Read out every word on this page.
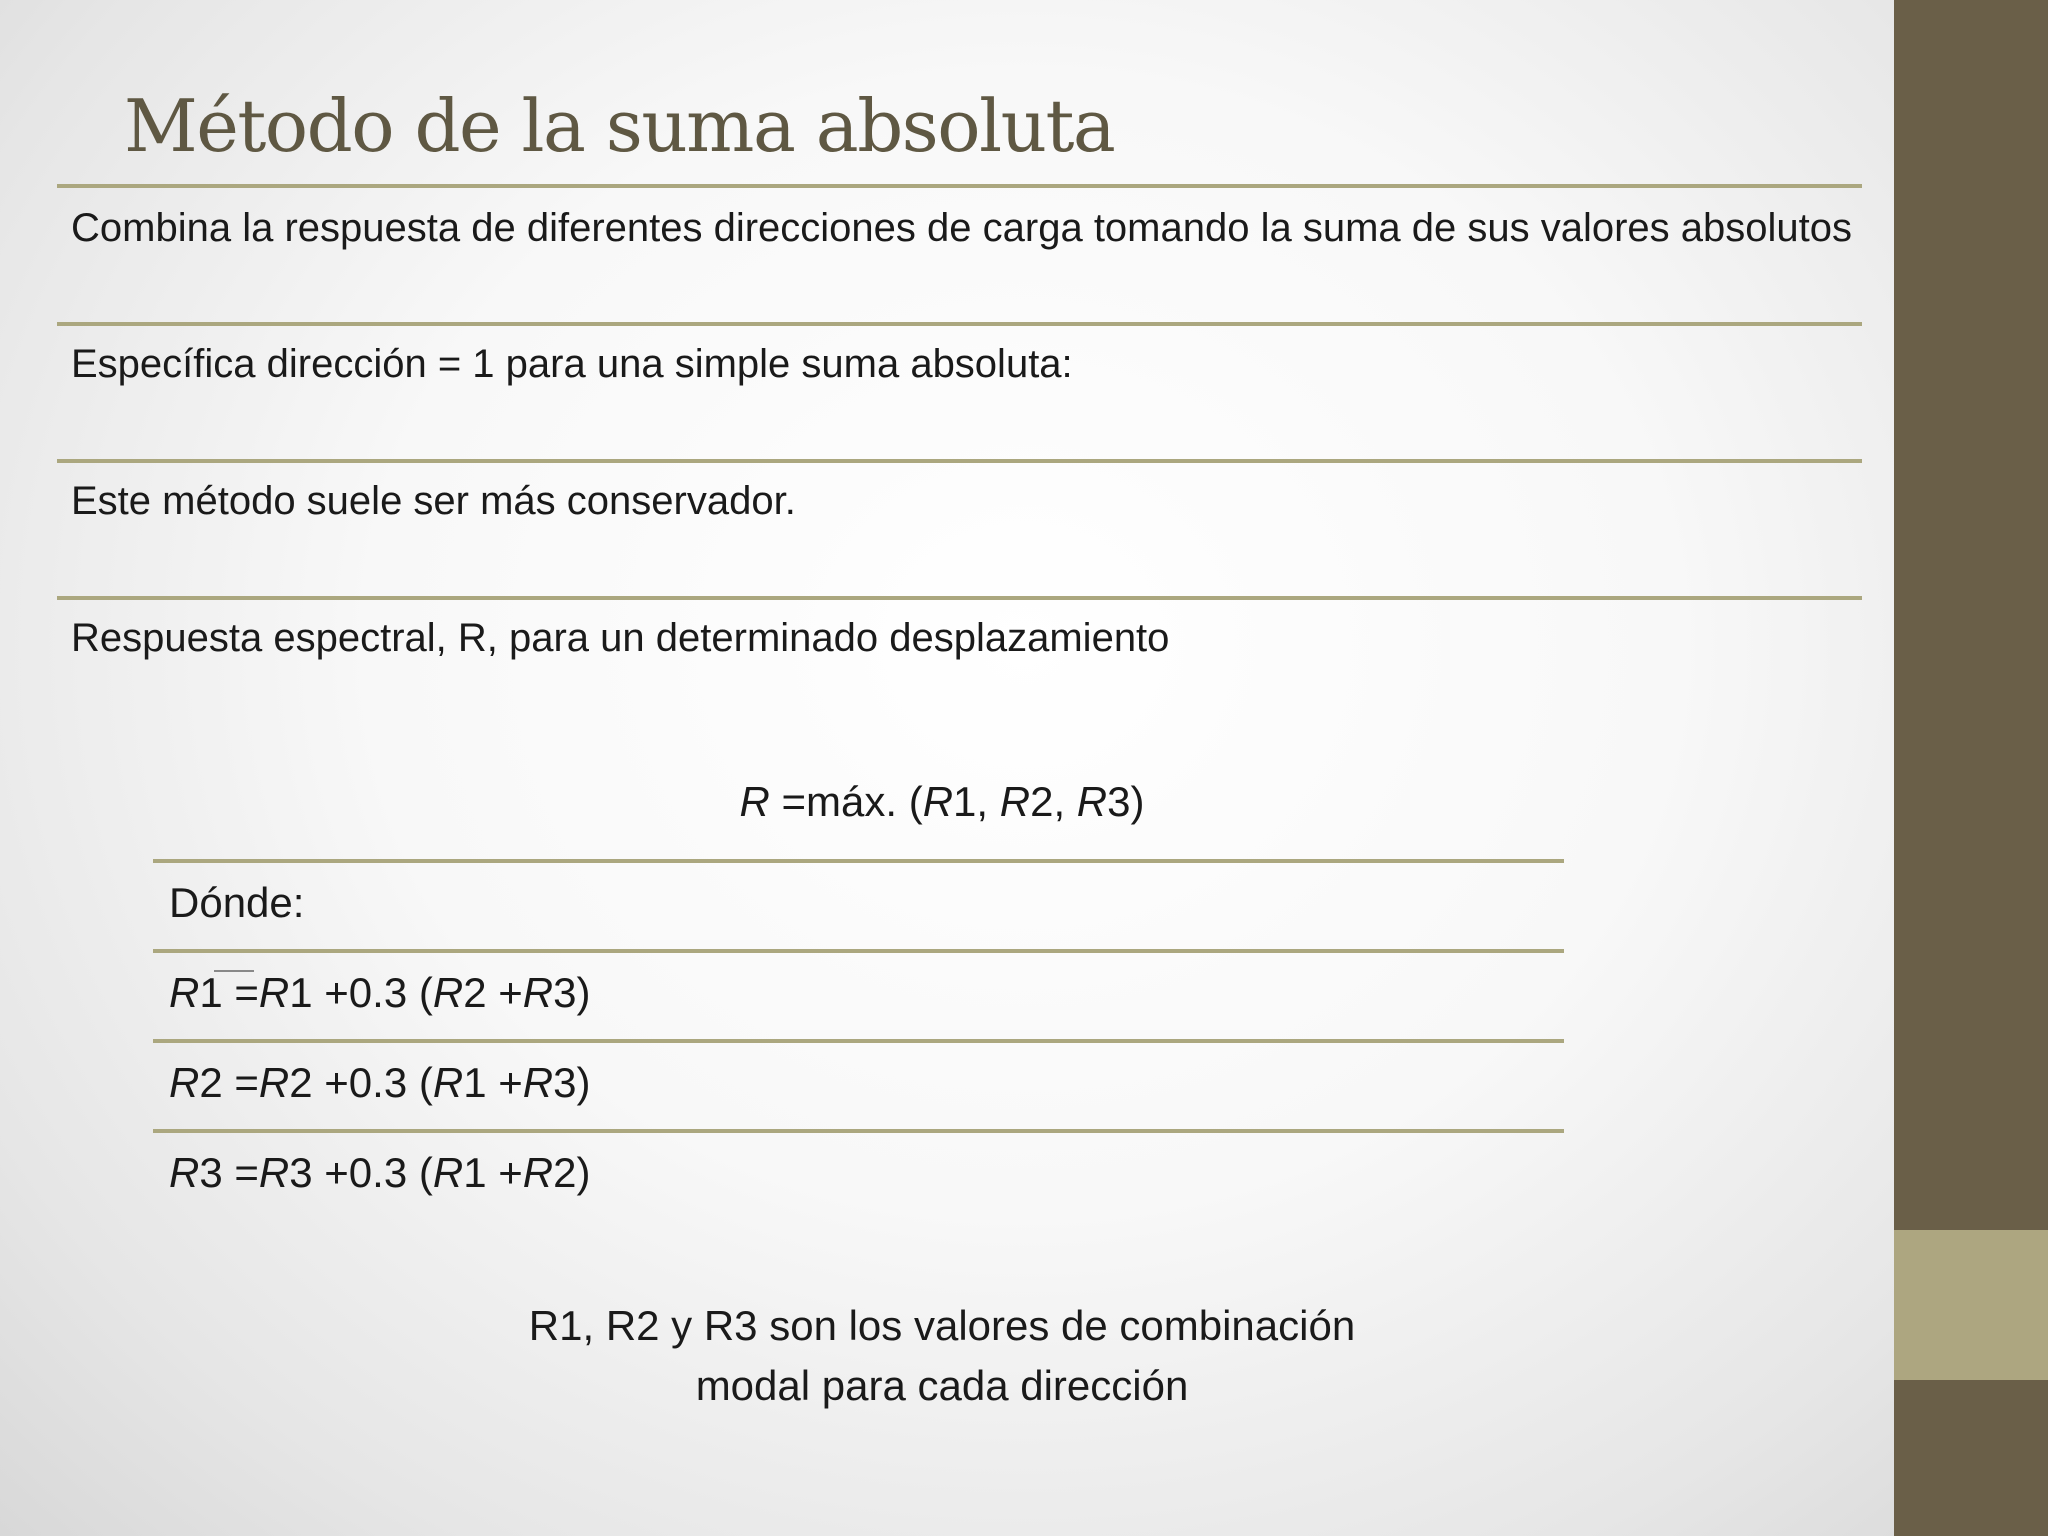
Método de la suma absoluta

Combina la respuesta de diferentes direcciones de carga tomando la suma de sus valores absolutos

Específica dirección = 1 para una simple suma absoluta:

Este método suele ser más conservador.

Respuesta espectral, R, para un determinado desplazamiento

R =máx. (R1, R2, R3)

Dónde:

R1 =R1 +0.3 (R2 +R3)

R2 =R2 +0.3 (R1 +R3)

R3 =R3 +0.3 (R1 +R2)

R1, R2 y R3 son los valores de combinación
modal para cada dirección
